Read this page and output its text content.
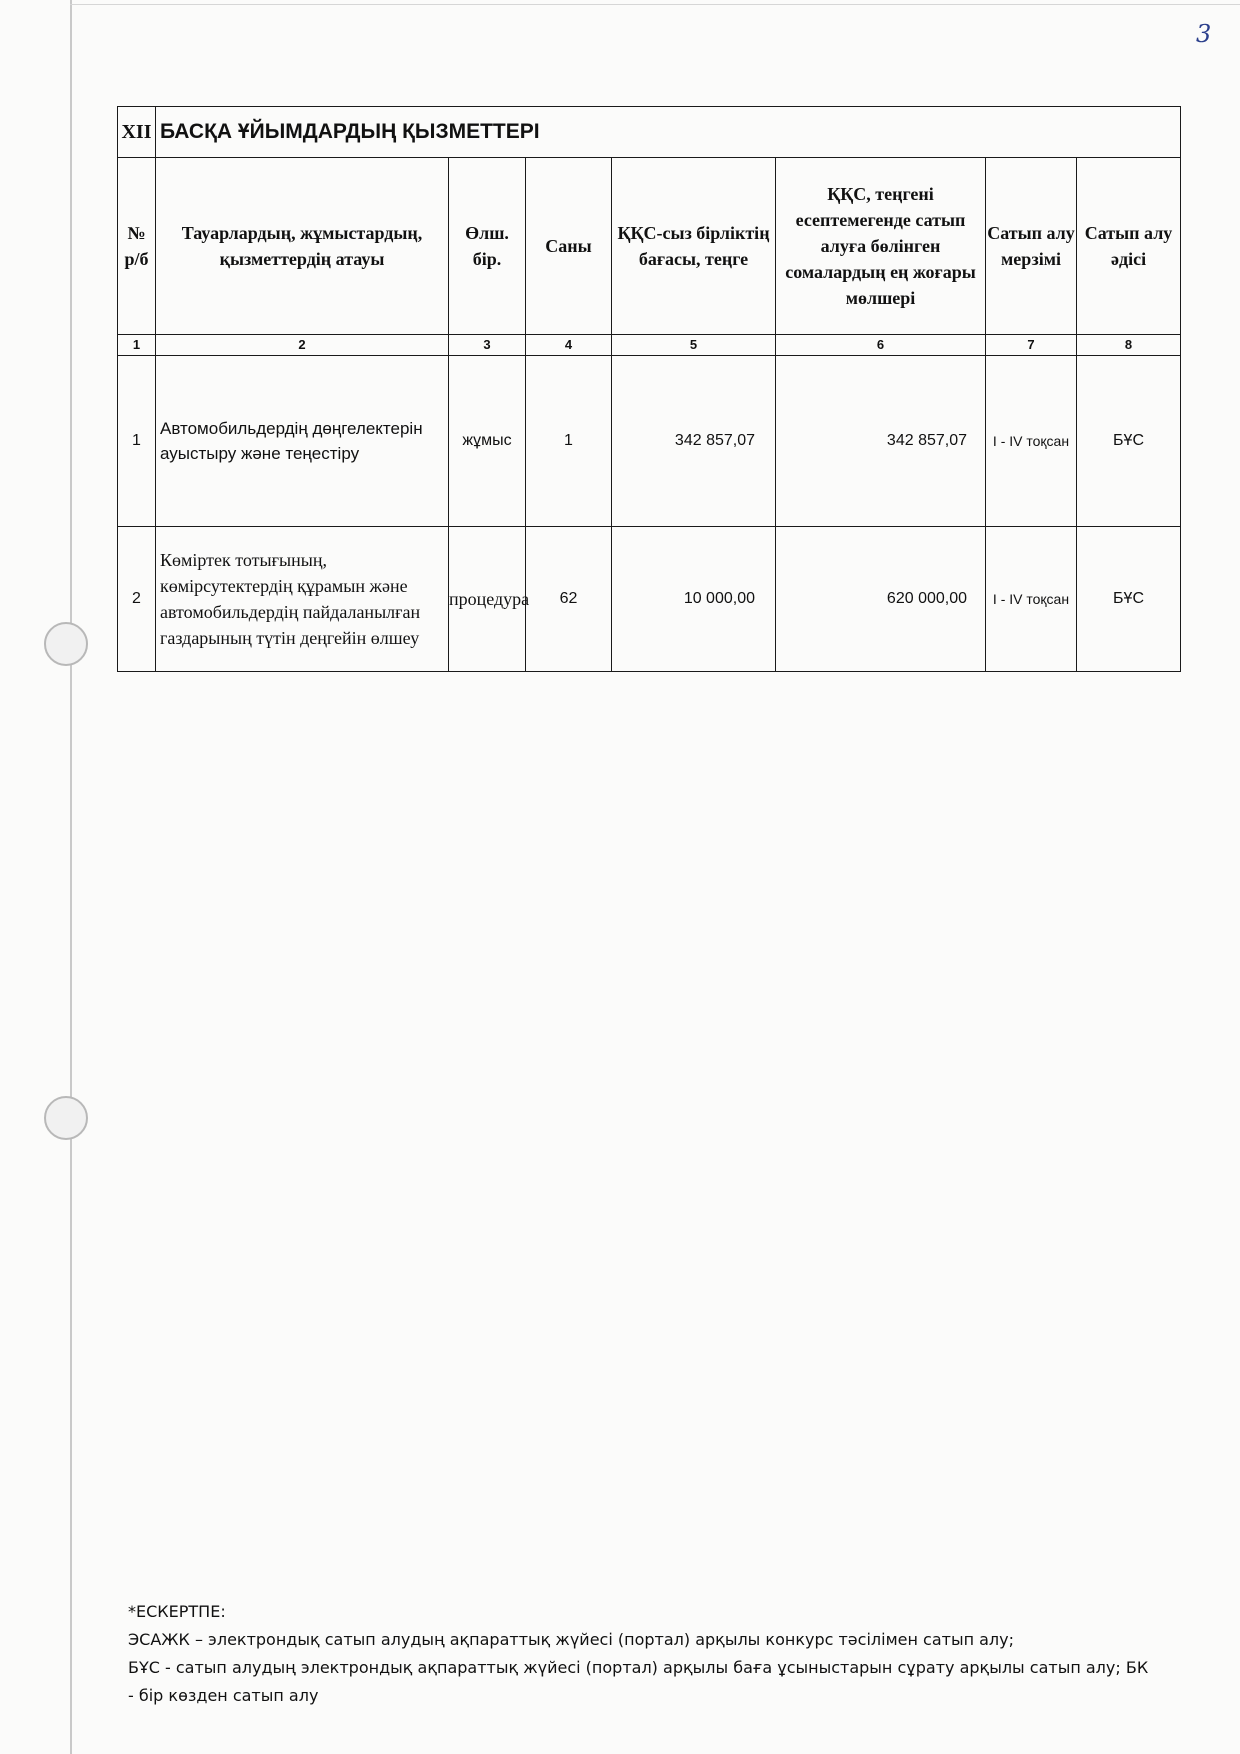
3
XII	БАСҚА ҰЙЫМДАРДЫҢ ҚЫЗМЕТТЕРІ						
№ р/б	Тауарлардың, жұмыстардың, қызметтердің атауы	Өлш. бір.	Саны	ҚҚС-сыз бірліктің бағасы, теңге	ҚҚС, теңгені есептемегенде сатып алуға бөлінген сомалардың ең жоғары мөлшері	Сатып алу мерзімі	Сатып алу әдісі
1	2	3	4	5	6	7	8
1	Автомобильдердің дөңгелектерін ауыстыру және теңестіру	жұмыс	1	342 857,07	342 857,07	I - IV тоқсан	БҰС
2	Көміртек тотығының, көмірсутектердің құрамын және автомобильдердің пайдаланылған газдарының түтін деңгейін өлшеу	процедура	62	10 000,00	620 000,00	I - IV тоқсан	БҰС
*ЕСКЕРТПЕ:
ЭСАЖК – электрондық сатып алудың ақпараттық жүйесі (портал) арқылы конкурс тәсілімен сатып алу;
БҰС - сатып алудың электрондық ақпараттық жүйесі (портал) арқылы баға ұсыныстарын сұрату арқылы сатып алу; БК - бір көзден сатып алу
